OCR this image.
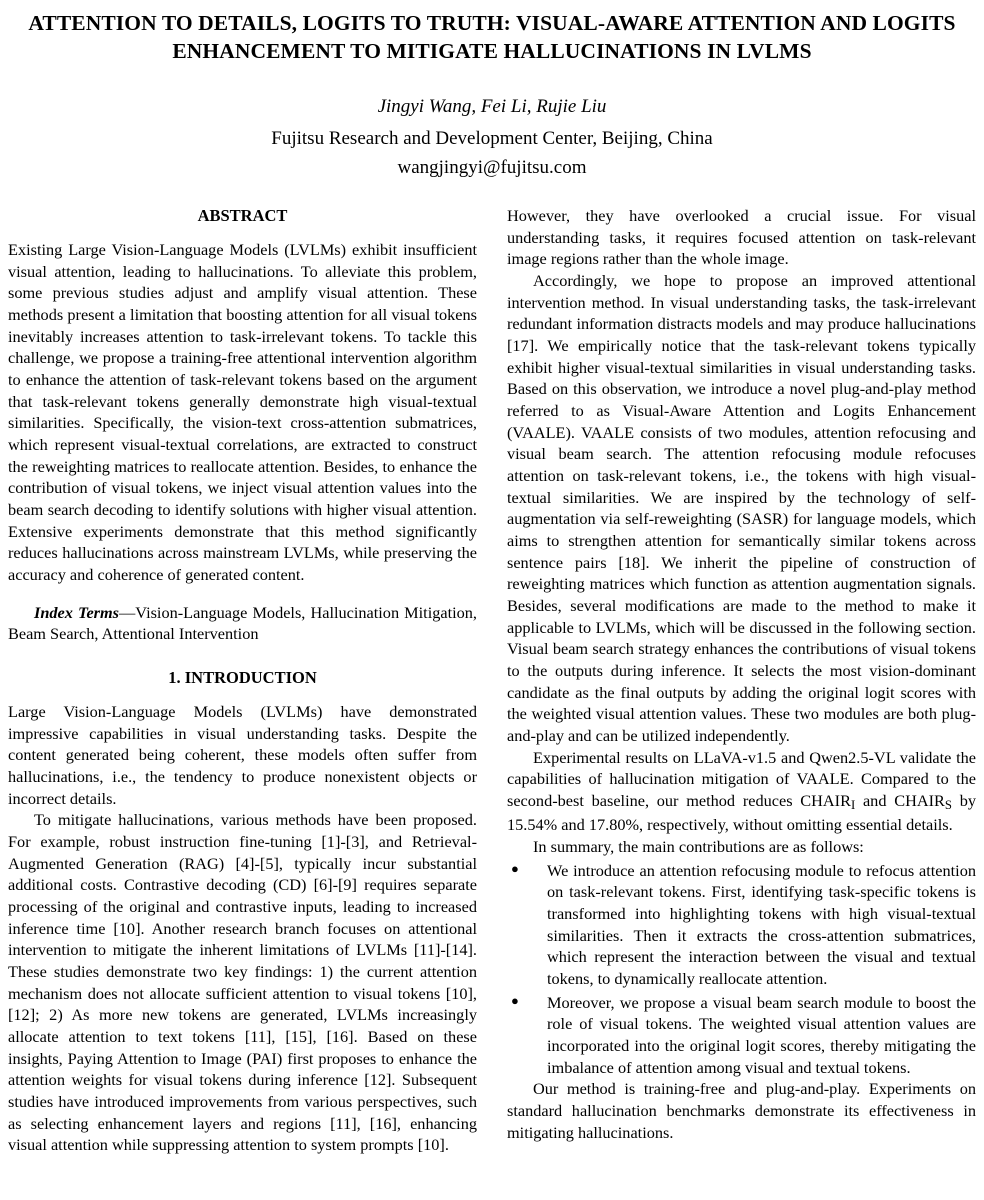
ATTENTION TO DETAILS, LOGITS TO TRUTH: VISUAL-AWARE ATTENTION AND LOGITS ENHANCEMENT TO MITIGATE HALLUCINATIONS IN LVLMS
Jingyi Wang, Fei Li, Rujie Liu
Fujitsu Research and Development Center, Beijing, China
wangjingyi@fujitsu.com
ABSTRACT

Existing Large Vision-Language Models (LVLMs) exhibit insufficient visual attention, leading to hallucinations. To alleviate this problem, some previous studies adjust and amplify visual attention. These methods present a limitation that boosting attention for all visual tokens inevitably increases attention to task-irrelevant tokens. To tackle this challenge, we propose a training-free attentional intervention algorithm to enhance the attention of task-relevant tokens based on the argument that task-relevant tokens generally demonstrate high visual-textual similarities. Specifically, the vision-text cross-attention submatrices, which represent visual-textual correlations, are extracted to construct the reweighting matrices to reallocate attention. Besides, to enhance the contribution of visual tokens, we inject visual attention values into the beam search decoding to identify solutions with higher visual attention. Extensive experiments demonstrate that this method significantly reduces hallucinations across mainstream LVLMs, while preserving the accuracy and coherence of generated content.

Index Terms—Vision-Language Models, Hallucination Mitigation, Beam Search, Attentional Intervention

1. INTRODUCTION

Large Vision-Language Models (LVLMs) have demonstrated impressive capabilities in visual understanding tasks. Despite the content generated being coherent, these models often suffer from hallucinations, i.e., the tendency to produce nonexistent objects or incorrect details.

To mitigate hallucinations, various methods have been proposed. For example, robust instruction fine-tuning [1]-[3], and Retrieval-Augmented Generation (RAG) [4]-[5], typically incur substantial additional costs. Contrastive decoding (CD) [6]-[9] requires separate processing of the original and contrastive inputs, leading to increased inference time [10]. Another research branch focuses on attentional intervention to mitigate the inherent limitations of LVLMs [11]-[14]. These studies demonstrate two key findings: 1) the current attention mechanism does not allocate sufficient attention to visual tokens [10], [12]; 2) As more new tokens are generated, LVLMs increasingly allocate attention to text tokens [11], [15], [16]. Based on these insights, Paying Attention to Image (PAI) first proposes to enhance the attention weights for visual tokens during inference [12]. Subsequent studies have introduced improvements from various perspectives, such as selecting enhancement layers and regions [11], [16], enhancing visual attention while suppressing attention to system prompts [10].

However, they have overlooked a crucial issue. For visual understanding tasks, it requires focused attention on task-relevant image regions rather than the whole image.

Accordingly, we hope to propose an improved attentional intervention method. In visual understanding tasks, the task-irrelevant redundant information distracts models and may produce hallucinations [17]. We empirically notice that the task-relevant tokens typically exhibit higher visual-textual similarities in visual understanding tasks. Based on this observation, we introduce a novel plug-and-play method referred to as Visual-Aware Attention and Logits Enhancement (VAALE). VAALE consists of two modules, attention refocusing and visual beam search. The attention refocusing module refocuses attention on task-relevant tokens, i.e., the tokens with high visual-textual similarities. We are inspired by the technology of self-augmentation via self-reweighting (SASR) for language models, which aims to strengthen attention for semantically similar tokens across sentence pairs [18]. We inherit the pipeline of construction of reweighting matrices which function as attention augmentation signals. Besides, several modifications are made to the method to make it applicable to LVLMs, which will be discussed in the following section. Visual beam search strategy enhances the contributions of visual tokens to the outputs during inference. It selects the most vision-dominant candidate as the final outputs by adding the original logit scores with the weighted visual attention values. These two modules are both plug-and-play and can be utilized independently.

Experimental results on LLaVA-v1.5 and Qwen2.5-VL validate the capabilities of hallucination mitigation of VAALE. Compared to the second-best baseline, our method reduces $CHAIR_I$ and $CHAIR_S$ by 15.54% and 17.80%, respectively, without omitting essential details.

In summary, the main contributions are as follows:

● We introduce an attention refocusing module to refocus attention on task-relevant tokens. First, identifying task-specific tokens is transformed into highlighting tokens with high visual-textual similarities. Then it extracts the cross-attention submatrices, which represent the interaction between the visual and textual tokens, to dynamically reallocate attention.
● Moreover, we propose a visual beam search module to boost the role of visual tokens. The weighted visual attention values are incorporated into the original logit scores, thereby mitigating the imbalance of attention among visual and textual tokens.

Our method is training-free and plug-and-play. Experiments on standard hallucination benchmarks demonstrate its effectiveness in mitigating hallucinations.
